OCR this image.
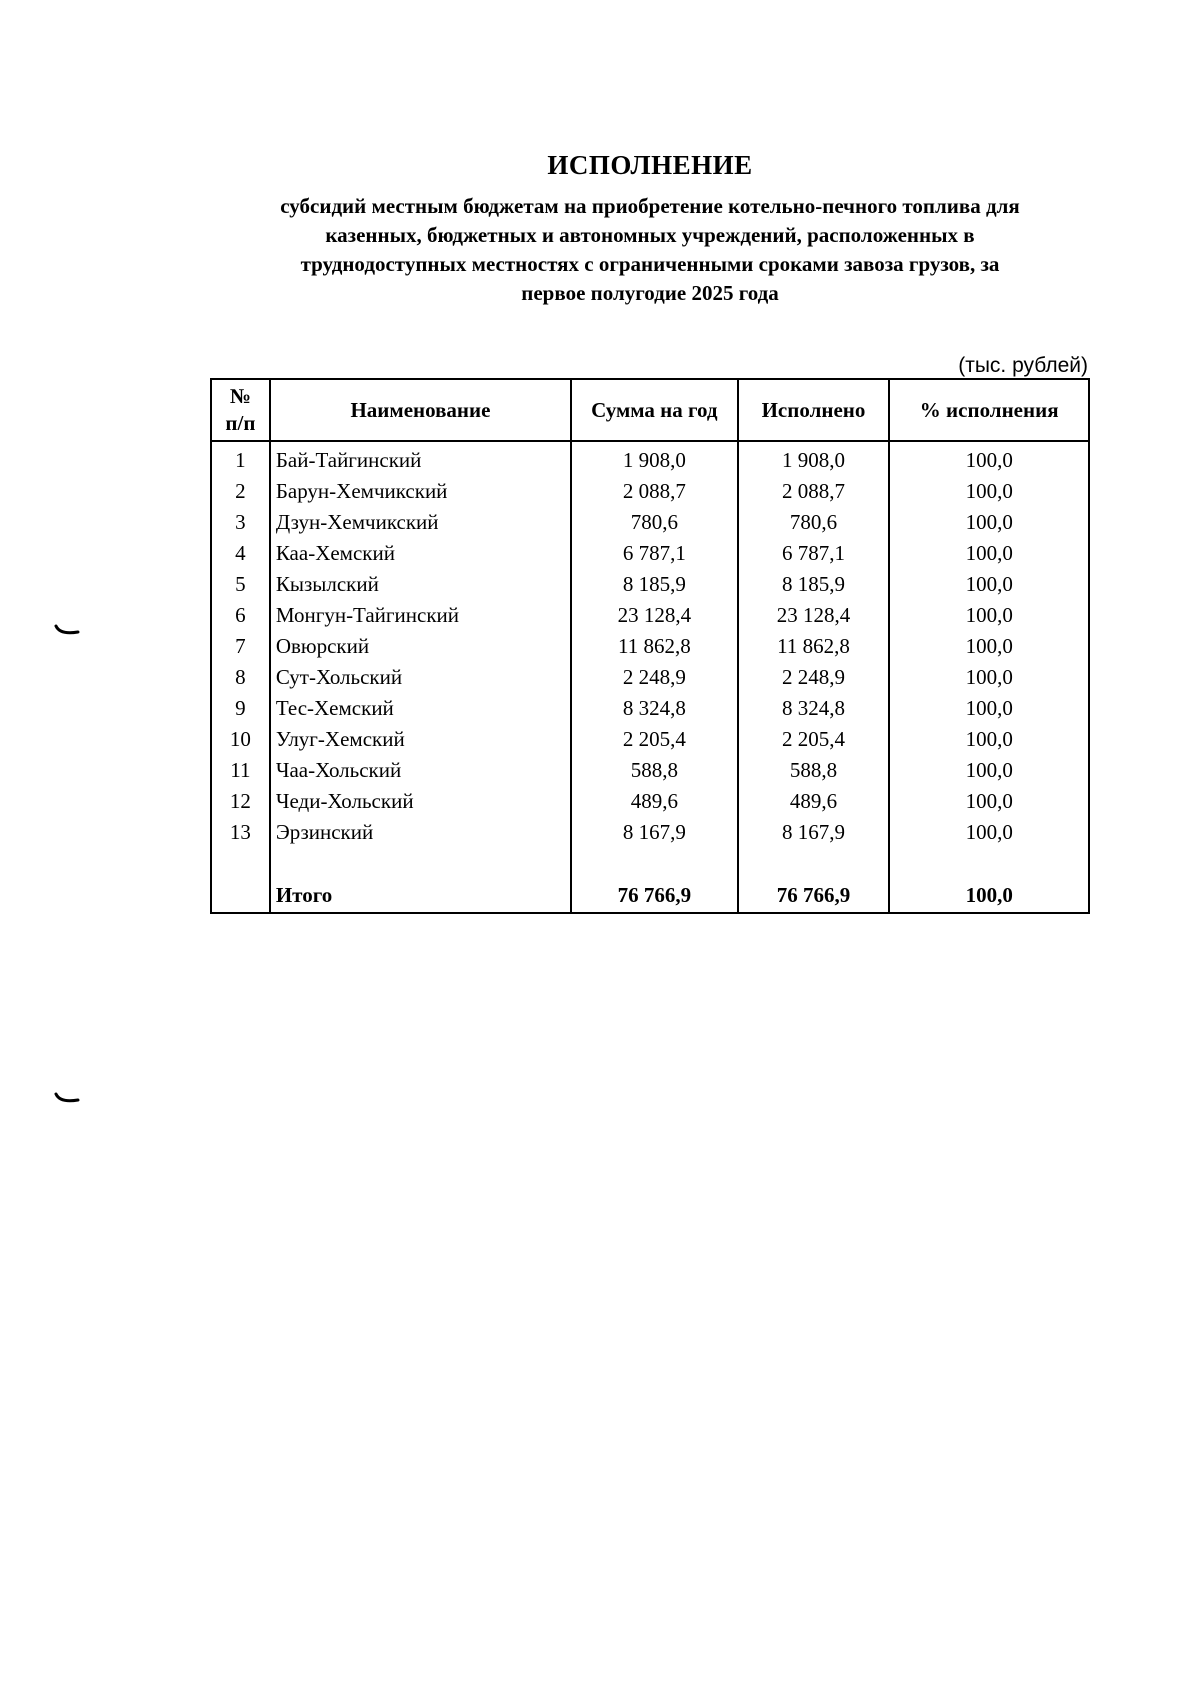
ИСПОЛНЕНИЕ
субсидий местным бюджетам на приобретение котельно-печного топлива для
казенных, бюджетных и автономных учреждений, расположенных в
труднодоступных местностях с ограниченными сроками завоза грузов, за
первое полугодие 2025 года
(тыс. рублей)
№
п/п	Наименование	Сумма на год	Исполнено	% исполнения
1	Бай-Тайгинский	1 908,0	1 908,0	100,0
2	Барун-Хемчикский	2 088,7	2 088,7	100,0
3	Дзун-Хемчикский	780,6	780,6	100,0
4	Каа-Хемский	6 787,1	6 787,1	100,0
5	Кызылский	8 185,9	8 185,9	100,0
6	Монгун-Тайгинский	23 128,4	23 128,4	100,0
7	Овюрский	11 862,8	11 862,8	100,0
8	Сут-Хольский	2 248,9	2 248,9	100,0
9	Тес-Хемский	8 324,8	8 324,8	100,0
10	Улуг-Хемский	2 205,4	2 205,4	100,0
11	Чаа-Хольский	588,8	588,8	100,0
12	Чеди-Хольский	489,6	489,6	100,0
13	Эрзинский	8 167,9	8 167,9	100,0

	Итого	76 766,9	76 766,9	100,0
